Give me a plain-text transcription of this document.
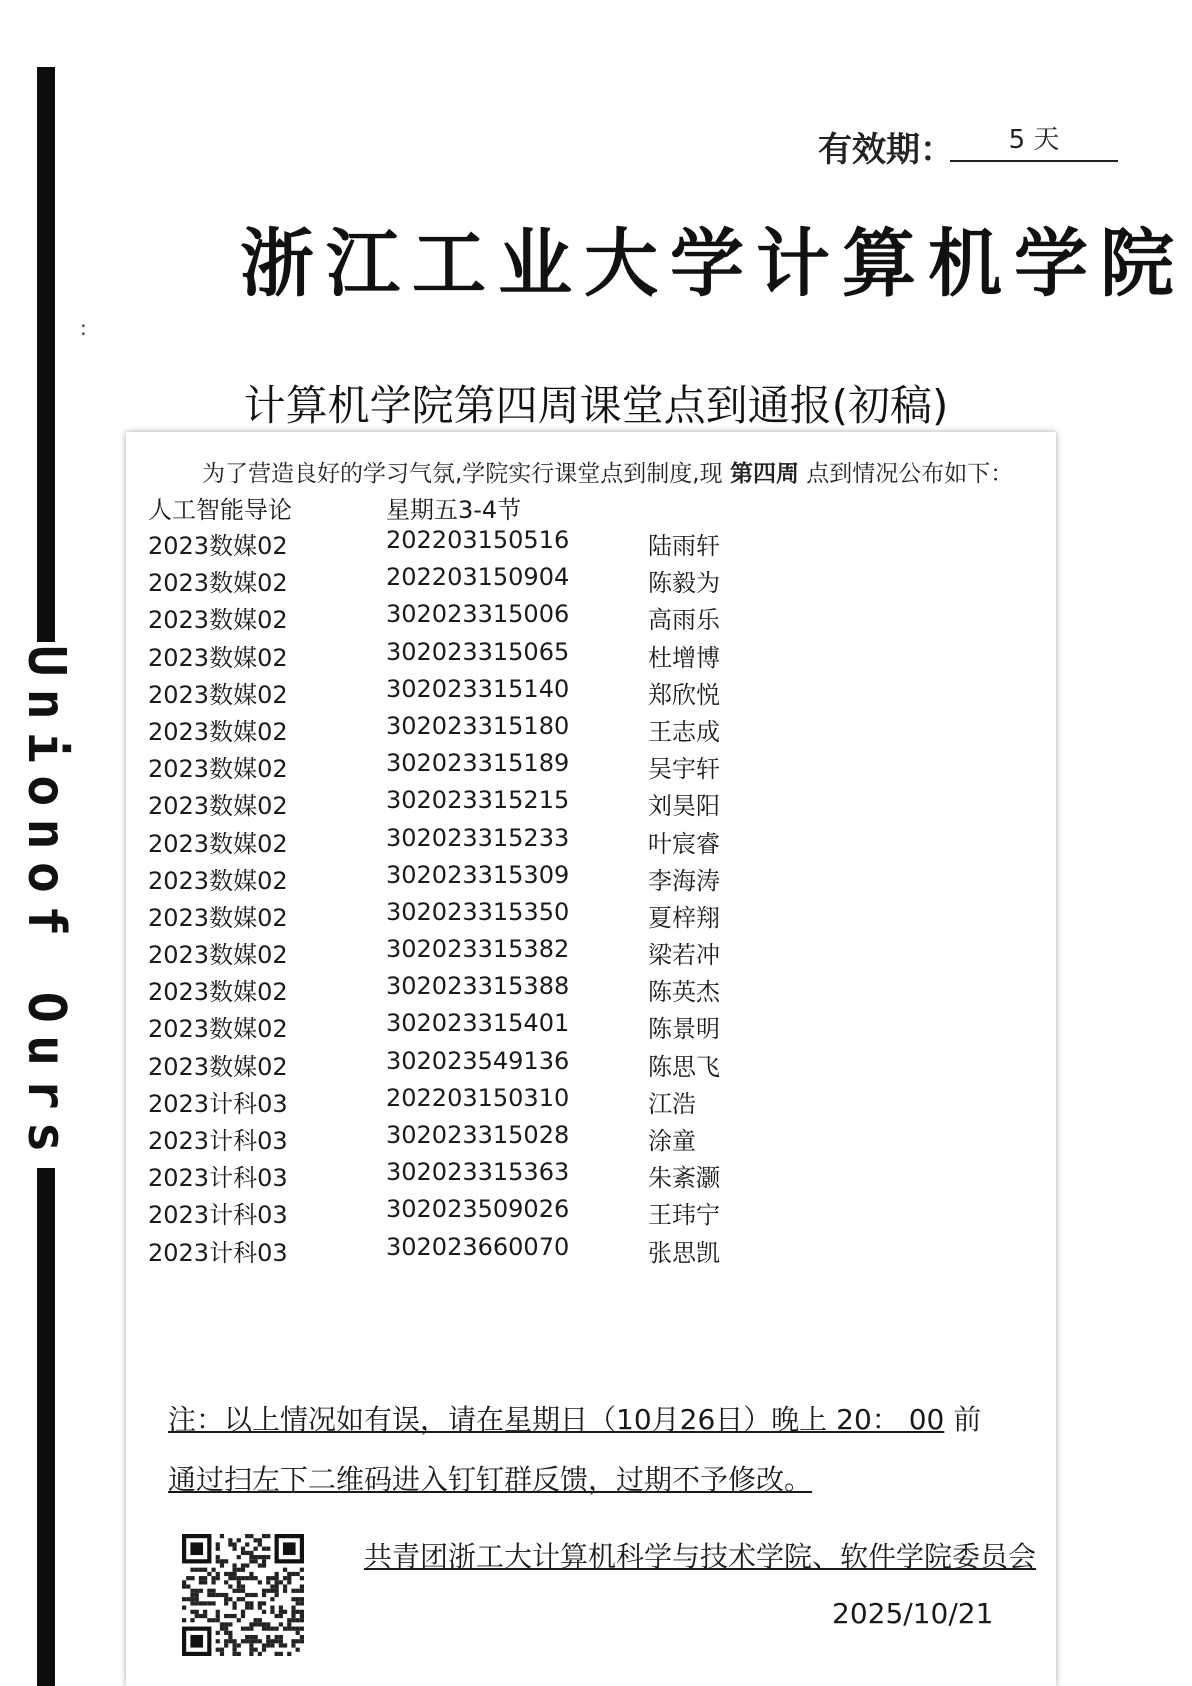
Unionof Ours
:
有效期：	5 天
浙江工业大学计算机学院
计算机学院第四周课堂点到通报(初稿)
为了营造良好的学习气氛,学院实行课堂点到制度,现 第四周 点到情况公布如下：
人工智能导论	星期五3-4节
2023数媒02	202203150516	陆雨轩
2023数媒02	202203150904	陈毅为
2023数媒02	302023315006	高雨乐
2023数媒02	302023315065	杜增博
2023数媒02	302023315140	郑欣悦
2023数媒02	302023315180	王志成
2023数媒02	302023315189	吴宇轩
2023数媒02	302023315215	刘昊阳
2023数媒02	302023315233	叶宸睿
2023数媒02	302023315309	李海涛
2023数媒02	302023315350	夏梓翔
2023数媒02	302023315382	梁若冲
2023数媒02	302023315388	陈英杰
2023数媒02	302023315401	陈景明
2023数媒02	302023549136	陈思飞
2023计科03	202203150310	江浩
2023计科03	302023315028	涂童
2023计科03	302023315363	朱紊灏
2023计科03	302023509026	王玮宁
2023计科03	302023660070	张思凯
注：以上情况如有误，请在星期日（10月26日）晚上 20： 00 前
通过扫左下二维码进入钉钉群反馈，过期不予修改。
共青团浙工大计算机科学与技术学院、软件学院委员会
2025/10/21
